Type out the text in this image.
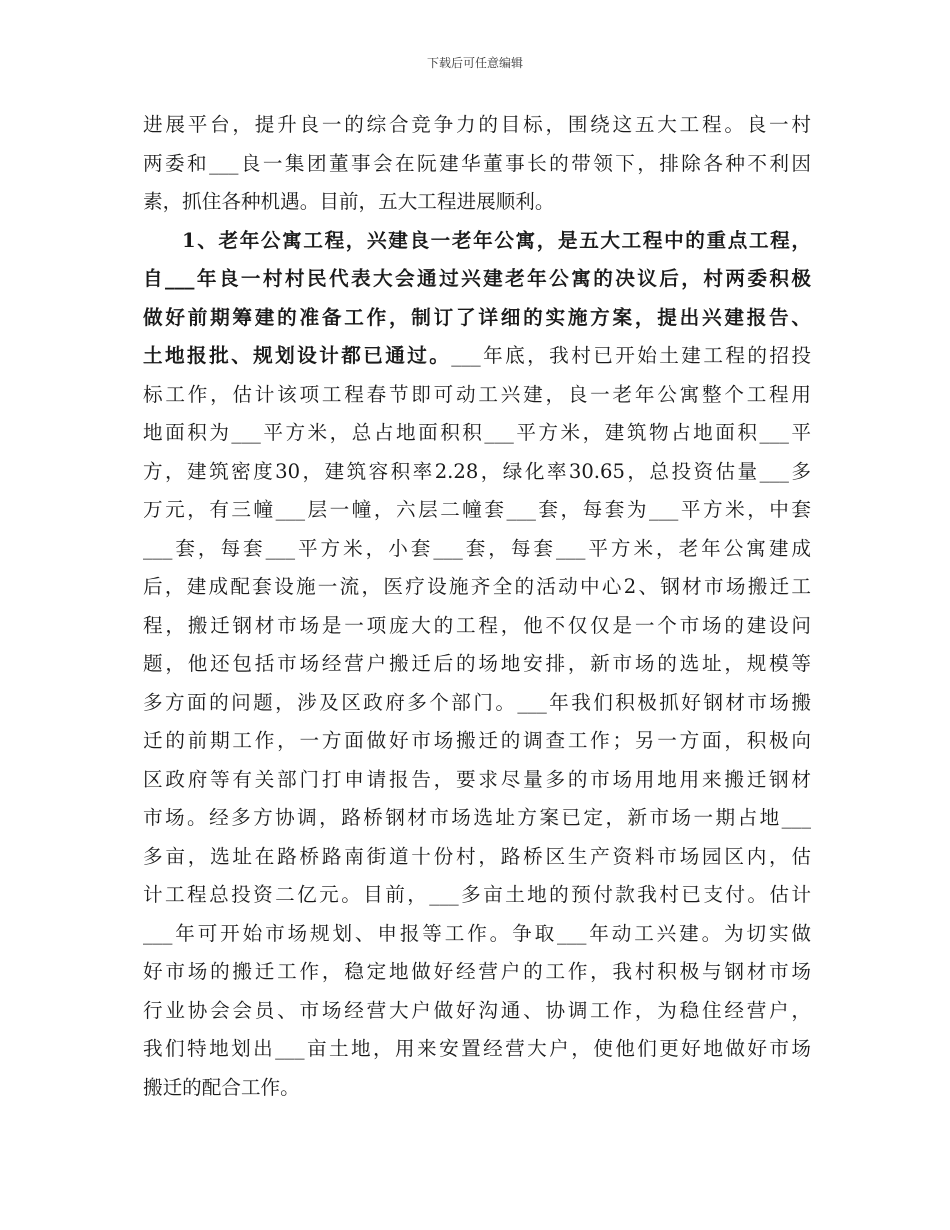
下载后可任意编辑
进展平台，提升良一的综合竞争力的目标，围绕这五大工程。良一村
两委和___良一集团董事会在阮建华董事长的带领下，排除各种不利因
素，抓住各种机遇。目前，五大工程进展顺利。
1、老年公寓工程，兴建良一老年公寓，是五大工程中的重点工程，
自___年良一村村民代表大会通过兴建老年公寓的决议后，村两委积极
做好前期筹建的准备工作，制订了详细的实施方案，提出兴建报告、
土地报批、规划设计都已通过。___年底，我村已开始土建工程的招投
标工作，估计该项工程春节即可动工兴建，良一老年公寓整个工程用
地面积为___平方米，总占地面积积___平方米，建筑物占地面积___平
方，建筑密度30，建筑容积率2.28，绿化率30.65，总投资估量___多
万元，有三幢___层一幢，六层二幢套___套，每套为___平方米，中套
___套，每套___平方米，小套___套，每套___平方米，老年公寓建成
后，建成配套设施一流，医疗设施齐全的活动中心2、钢材市场搬迁工
程，搬迁钢材市场是一项庞大的工程，他不仅仅是一个市场的建设问
题，他还包括市场经营户搬迁后的场地安排，新市场的选址，规模等
多方面的问题，涉及区政府多个部门。___年我们积极抓好钢材市场搬
迁的前期工作，一方面做好市场搬迁的调查工作；另一方面，积极向
区政府等有关部门打申请报告，要求尽量多的市场用地用来搬迁钢材
市场。经多方协调，路桥钢材市场选址方案已定，新市场一期占地___
多亩，选址在路桥路南街道十份村，路桥区生产资料市场园区内，估
计工程总投资二亿元。目前，___多亩土地的预付款我村已支付。估计
___年可开始市场规划、申报等工作。争取___年动工兴建。为切实做
好市场的搬迁工作，稳定地做好经营户的工作，我村积极与钢材市场
行业协会会员、市场经营大户做好沟通、协调工作，为稳住经营户，
我们特地划出___亩土地，用来安置经营大户，使他们更好地做好市场
搬迁的配合工作。
